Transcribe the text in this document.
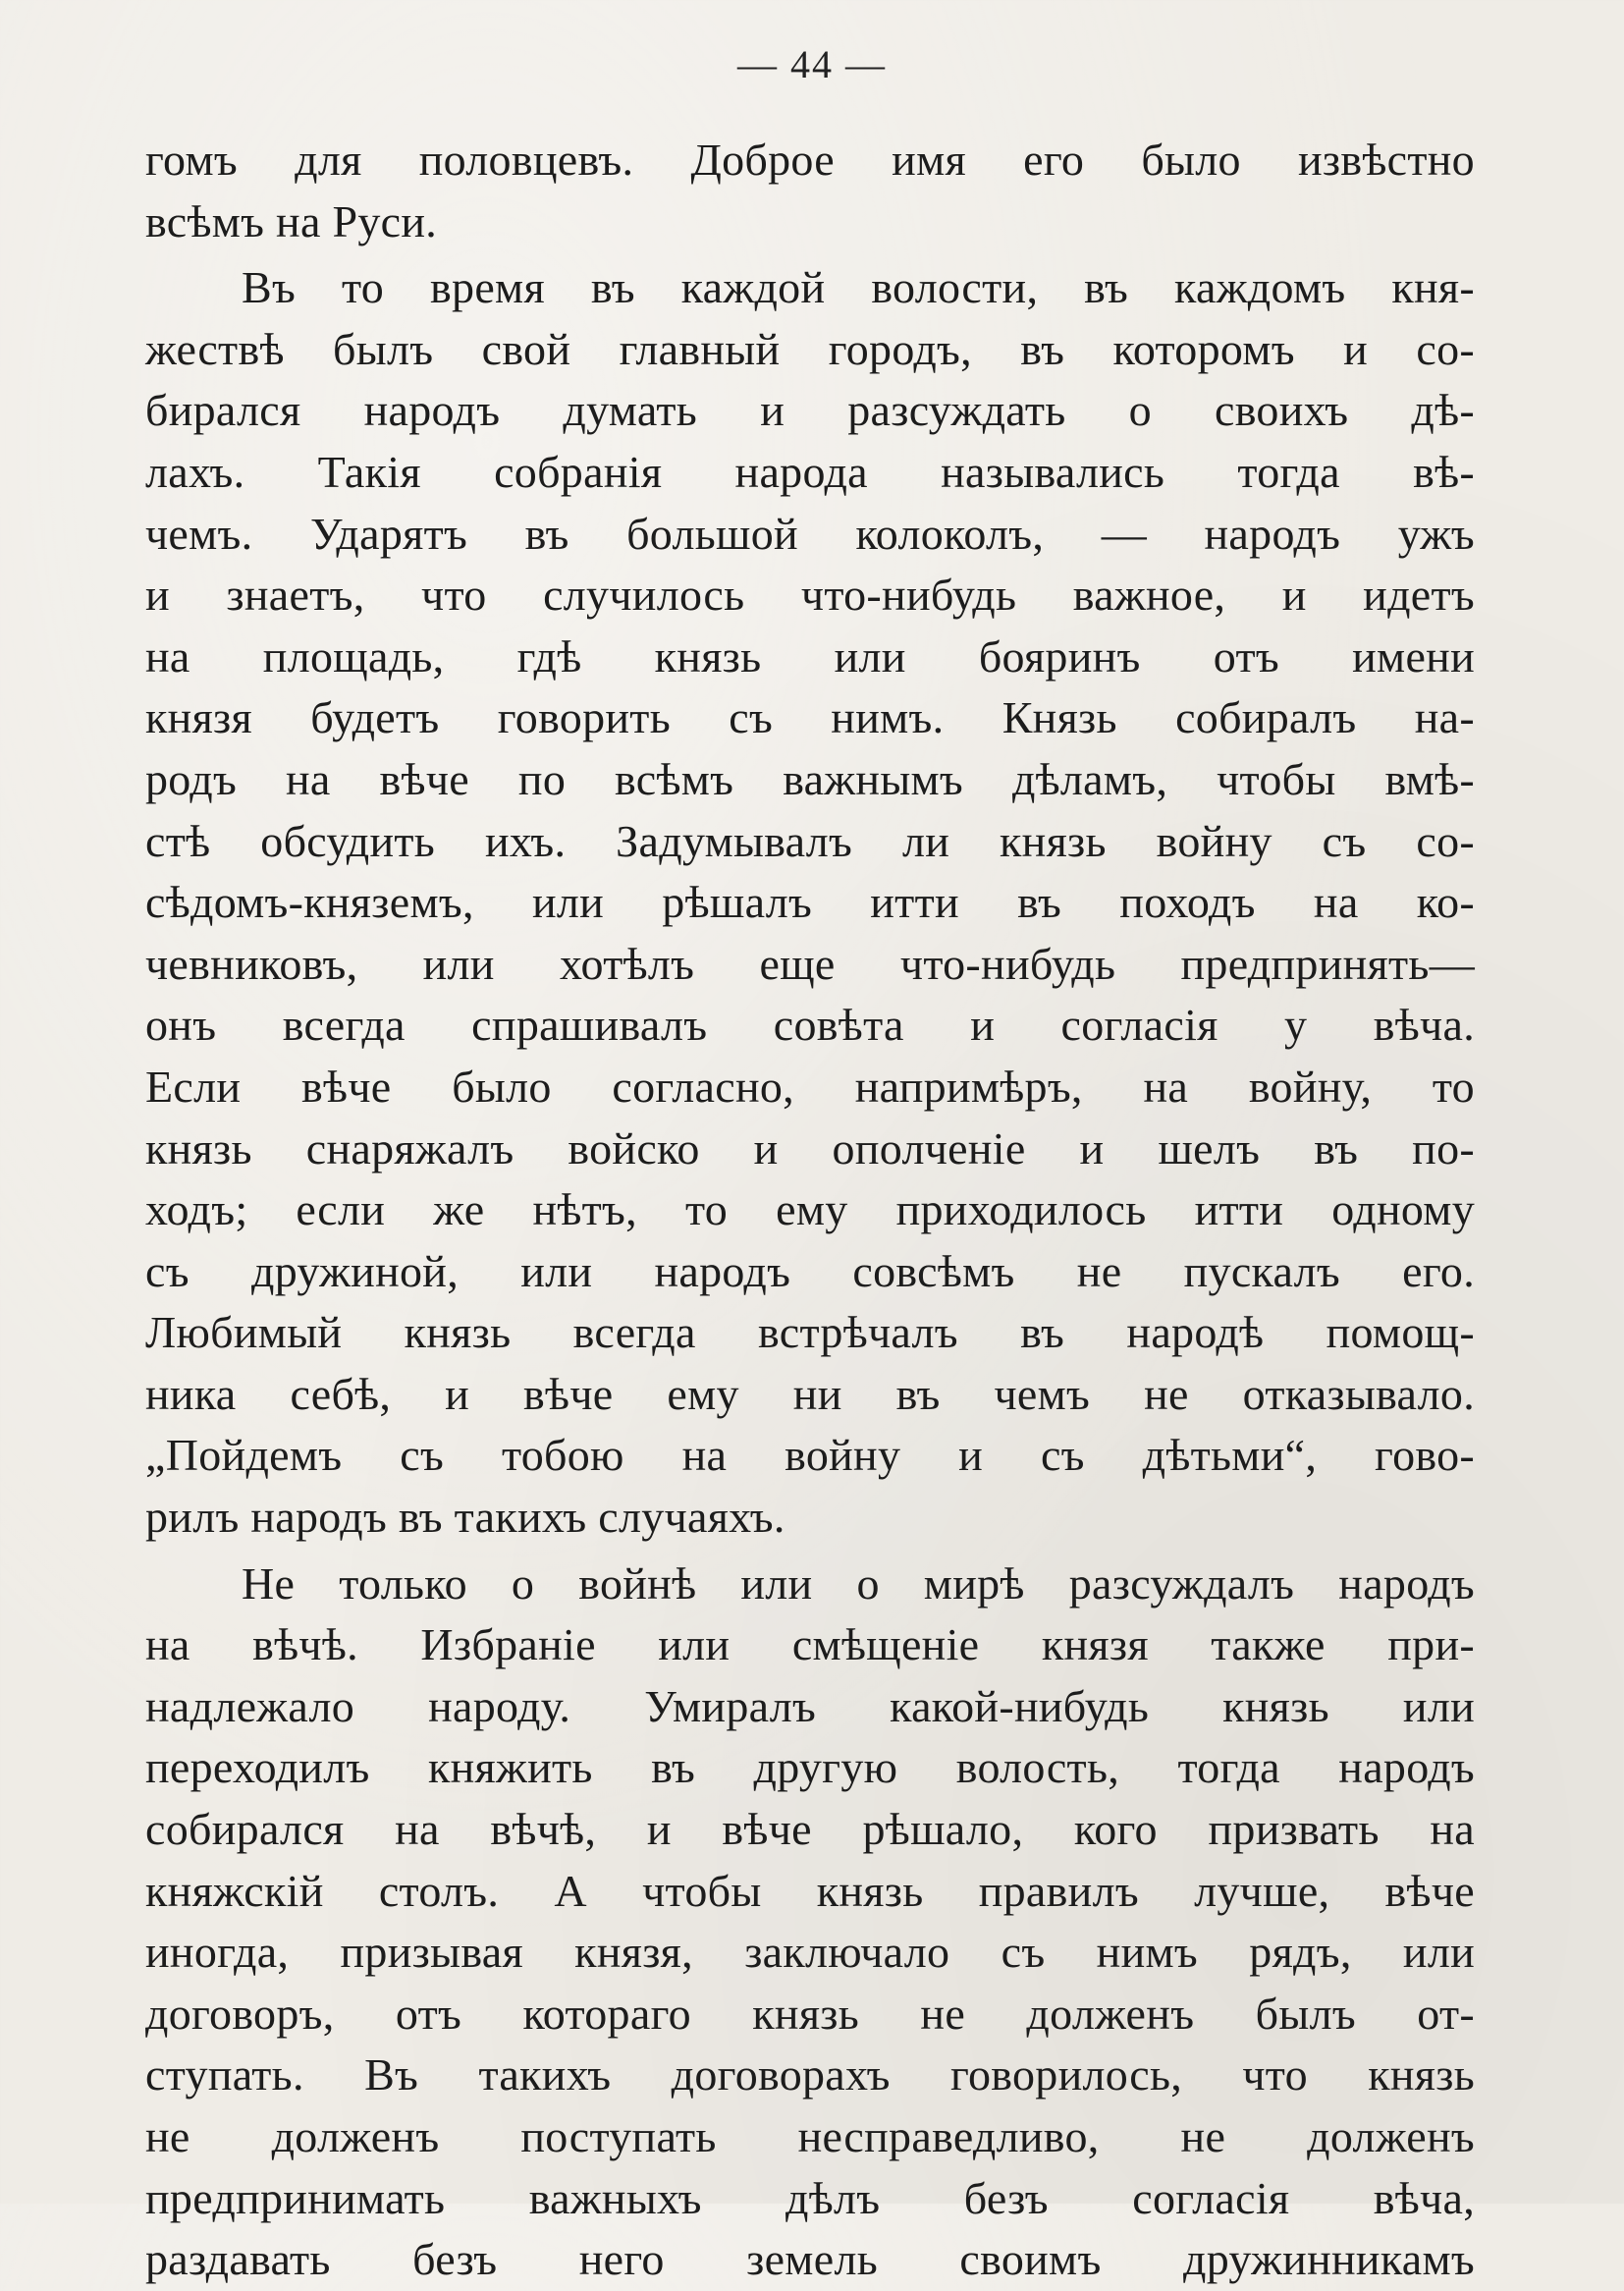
— 44 —
гомъ для половцевъ. Доброе имя его было извѣстно
всѣмъ на Руси.
Въ то время въ каждой волости, въ каждомъ кня-
жествѣ былъ свой главный городъ, въ которомъ и со-
бирался народъ думать и разсуждать о своихъ дѣ-
лахъ. Такія собранія народа назывались тогда вѣ-
чемъ. Ударятъ въ большой колоколъ, — народъ ужъ
и знаетъ, что случилось что-нибудь важное, и идетъ
на площадь, гдѣ князь или бояринъ отъ имени
князя будетъ говорить съ нимъ. Князь собиралъ на-
родъ на вѣче по всѣмъ важнымъ дѣламъ, чтобы вмѣ-
стѣ обсудить ихъ. Задумывалъ ли князь войну съ со-
сѣдомъ-княземъ, или рѣшалъ итти въ походъ на ко-
чевниковъ, или хотѣлъ еще что-нибудь предпринять—
онъ всегда спрашивалъ совѣта и согласія у вѣча.
Если вѣче было согласно, напримѣръ, на войну, то
князь снаряжалъ войско и ополченіе и шелъ въ по-
ходъ; если же нѣтъ, то ему приходилось итти одному
съ дружиной, или народъ совсѣмъ не пускалъ его.
Любимый князь всегда встрѣчалъ въ народѣ помощ-
ника себѣ, и вѣче ему ни въ чемъ не отказывало.
„Пойдемъ съ тобою на войну и съ дѣтьми“, гово-
рилъ народъ въ такихъ случаяхъ.
Не только о войнѣ или о мирѣ разсуждалъ народъ
на вѣчѣ. Избраніе или смѣщеніе князя также при-
надлежало народу. Умиралъ какой-нибудь князь или
переходилъ княжить въ другую волость, тогда народъ
собирался на вѣчѣ, и вѣче рѣшало, кого призвать на
княжскій столъ. А чтобы князь правилъ лучше, вѣче
иногда, призывая князя, заключало съ нимъ рядъ, или
договоръ, отъ котораго князь не долженъ былъ от-
ступать. Въ такихъ договорахъ говорилось, что князь
не долженъ поступать несправедливо, не долженъ
предпринимать важныхъ дѣлъ безъ согласія вѣча,
раздавать безъ него земель своимъ дружинникамъ
